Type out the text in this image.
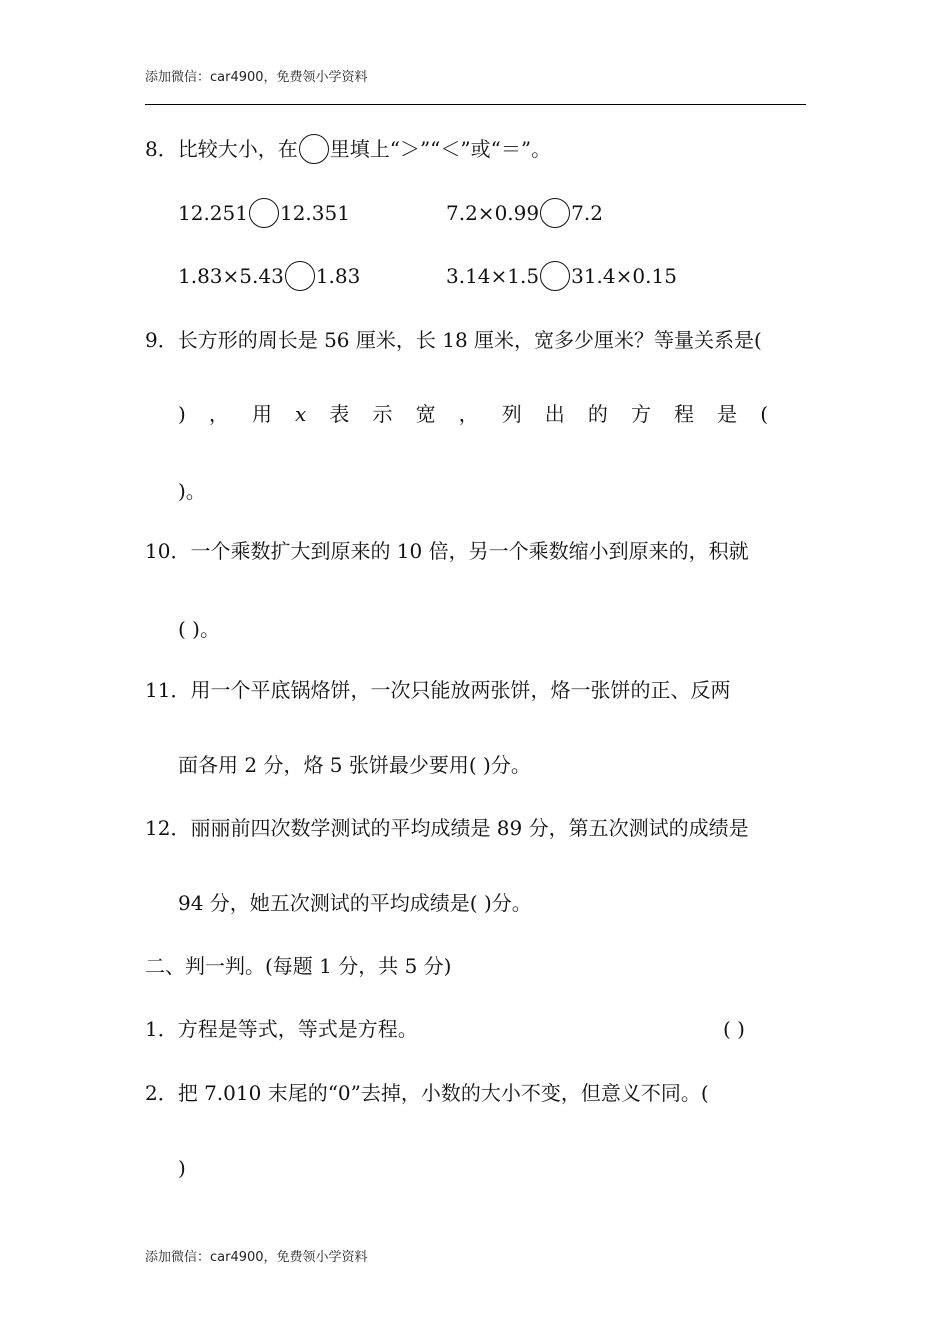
添加微信：car4900，免费领小学资料
8．比较大小，在 里填上“＞”“＜”或“＝”。
12.251 12.351	7.2×0.99 7.2
1.83×5.43 1.83	3.14×1.5 31.4×0.15
9．长方形的周长是 56 厘米，长 18 厘米，宽多少厘米？等量关系是(
) ， 用 x 表 示 宽 ， 列 出 的 方 程 是 (
)。
10．一个乘数扩大到原来的 10 倍，另一个乘数缩小到原来的，积就
( )。
11．用一个平底锅烙饼，一次只能放两张饼，烙一张饼的正、反两
面各用 2 分，烙 5 张饼最少要用( )分。
12．丽丽前四次数学测试的平均成绩是 89 分，第五次测试的成绩是
94 分，她五次测试的平均成绩是( )分。
二、判一判。(每题 1 分，共 5 分)
1．方程是等式，等式是方程。	( )
2．把 7.010 末尾的“0”去掉，小数的大小不变，但意义不同。(
)
添加微信：car4900，免费领小学资料
